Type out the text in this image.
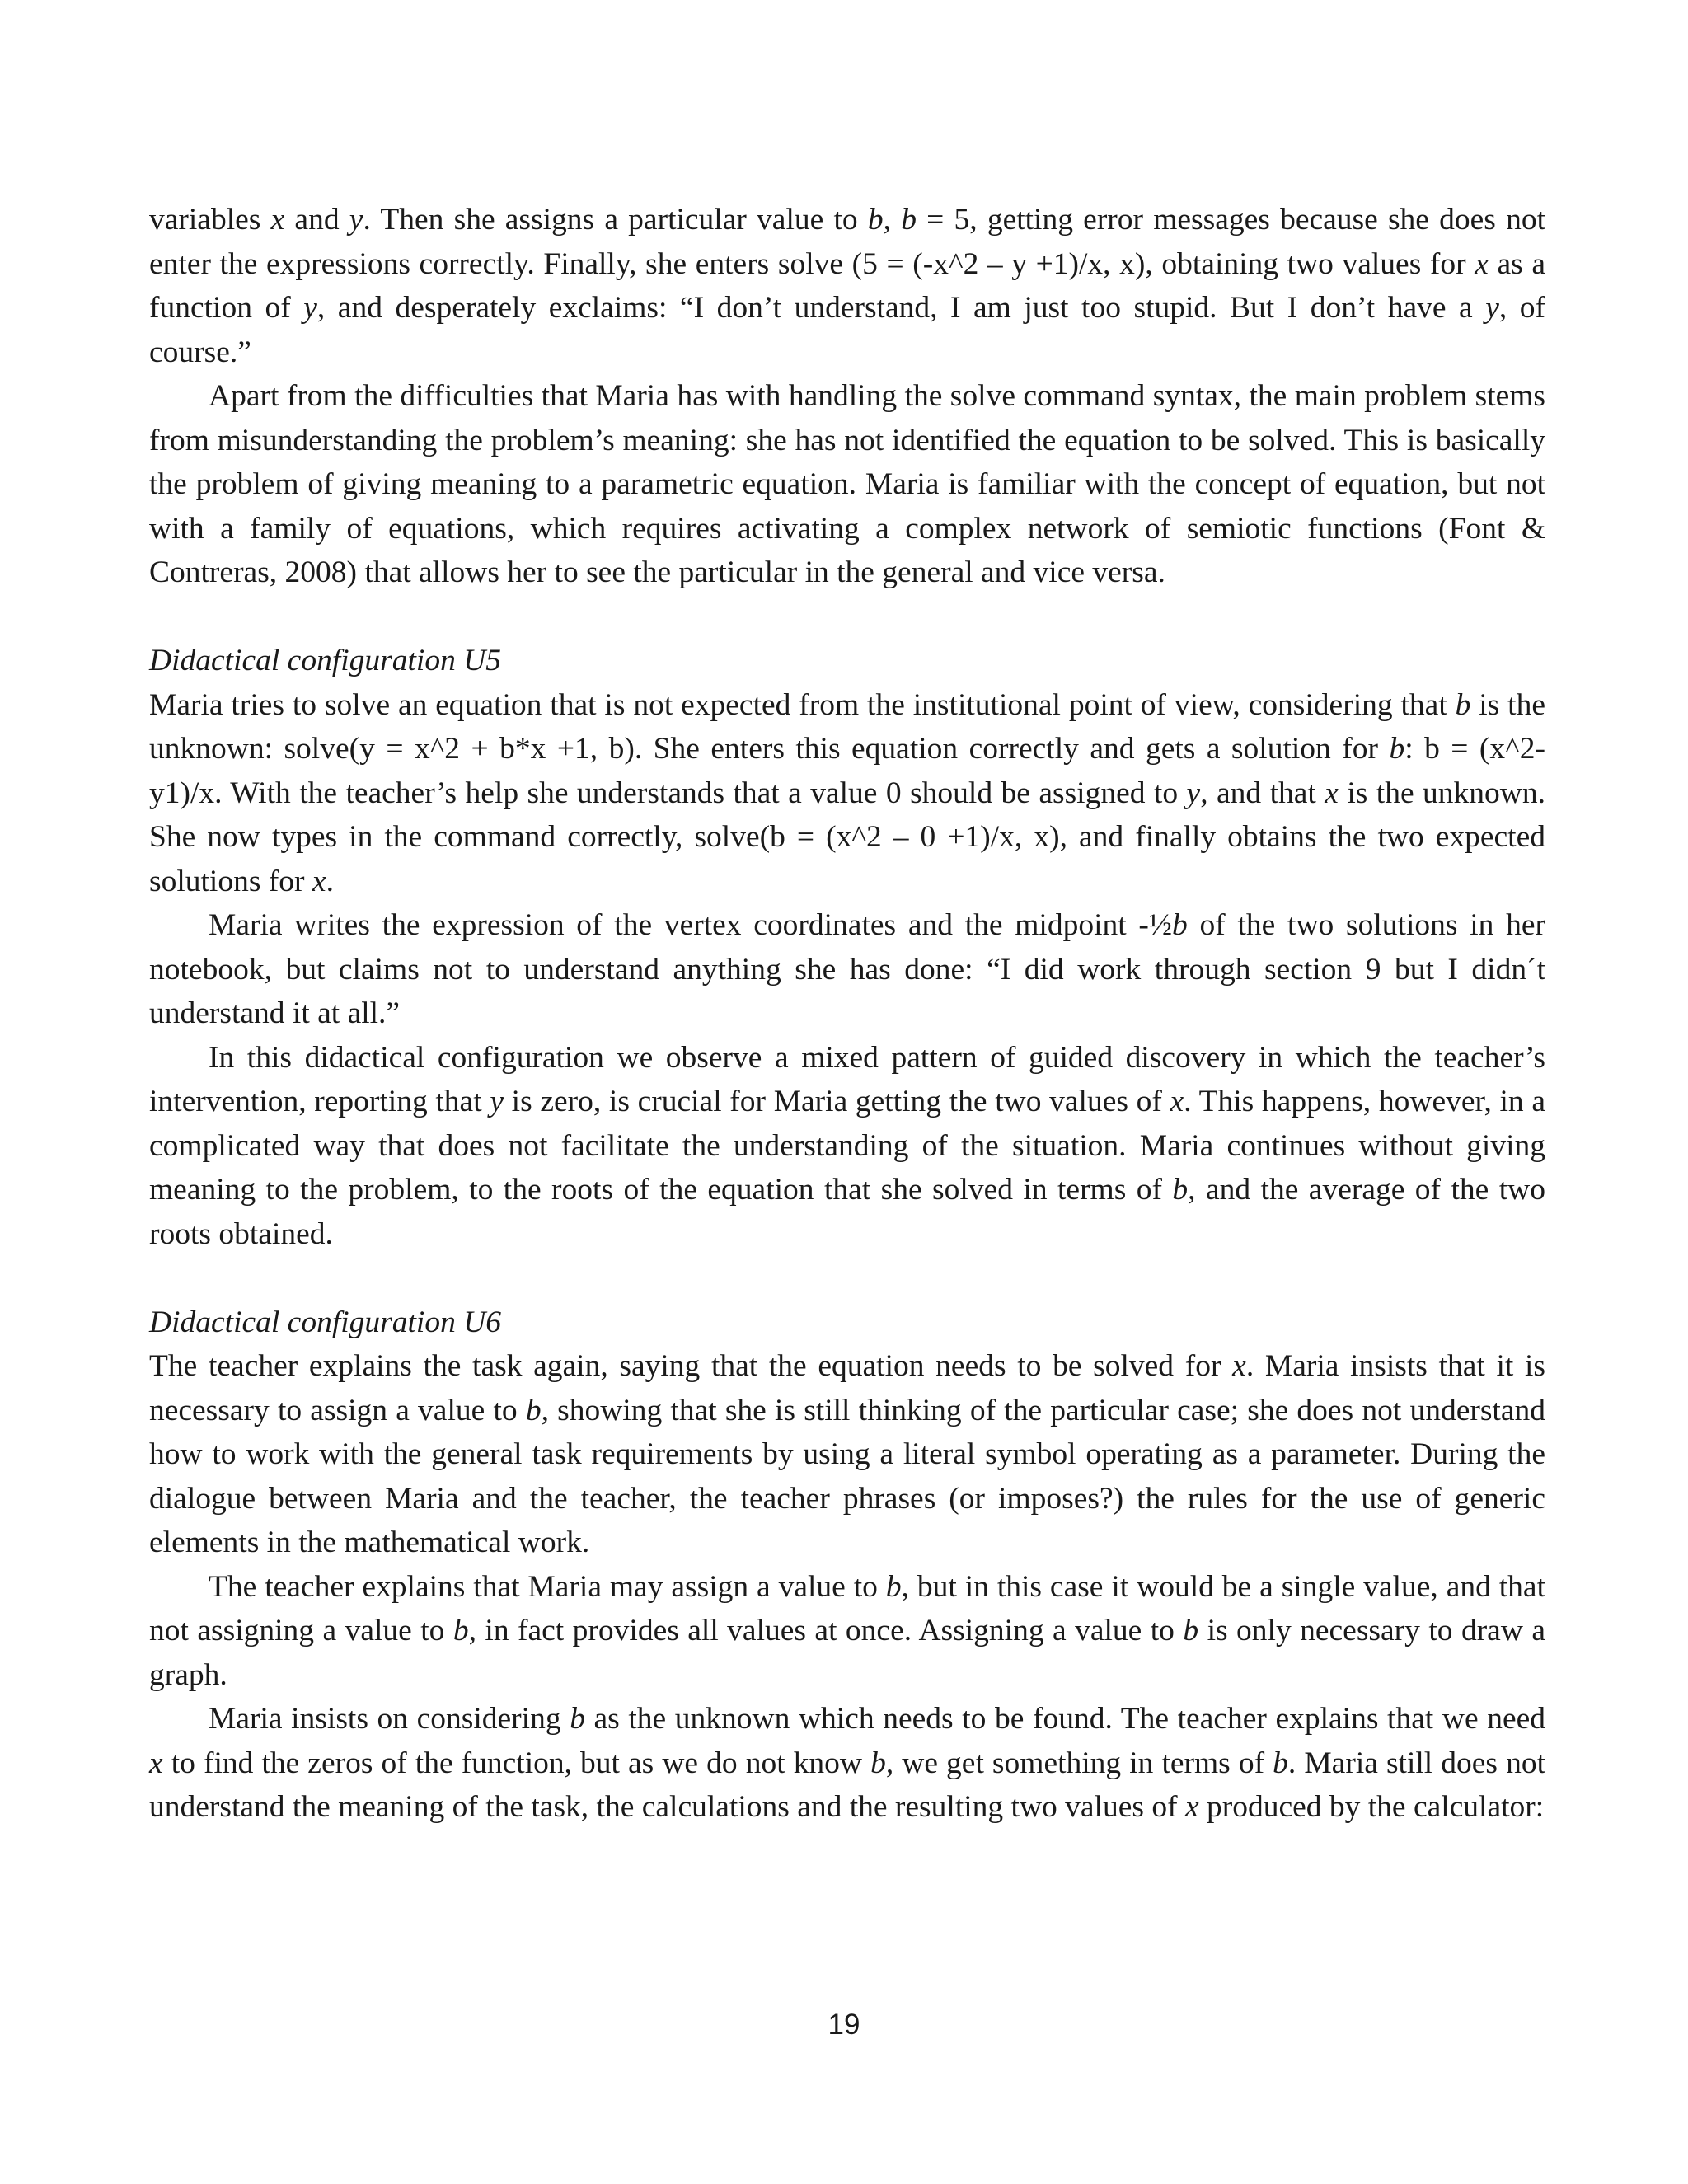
variables x and y. Then she assigns a particular value to b, b = 5, getting error messages because she does not enter the expressions correctly. Finally, she enters solve (5 = (-x^2 – y +1)/x, x), obtaining two values for x as a function of y, and desperately exclaims: “I don’t understand, I am just too stupid. But I don’t have a y, of course.”

Apart from the difficulties that Maria has with handling the solve command syntax, the main problem stems from misunderstanding the problem’s meaning: she has not identified the equation to be solved. This is basically the problem of giving meaning to a parametric equation. Maria is familiar with the concept of equation, but not with a family of equations, which requires activating a complex network of semiotic functions (Font & Contreras, 2008) that allows her to see the particular in the general and vice versa.

Didactical configuration U5

Maria tries to solve an equation that is not expected from the institutional point of view, considering that b is the unknown: solve(y = x^2 + b*x +1, b). She enters this equation correctly and gets a solution for b: b = (x^2-y1)/x. With the teacher’s help she understands that a value 0 should be assigned to y, and that x is the unknown. She now types in the command correctly, solve(b = (x^2 – 0 +1)/x, x), and finally obtains the two expected solutions for x.

Maria writes the expression of the vertex coordinates and the midpoint -½b of the two solutions in her notebook, but claims not to understand anything she has done: “I did work through section 9 but I didn´t understand it at all.”

In this didactical configuration we observe a mixed pattern of guided discovery in which the teacher’s intervention, reporting that y is zero, is crucial for Maria getting the two values of x. This happens, however, in a complicated way that does not facilitate the understanding of the situation. Maria continues without giving meaning to the problem, to the roots of the equation that she solved in terms of b, and the average of the two roots obtained.

Didactical configuration U6

The teacher explains the task again, saying that the equation needs to be solved for x. Maria insists that it is necessary to assign a value to b, showing that she is still thinking of the particular case; she does not understand how to work with the general task requirements by using a literal symbol operating as a parameter. During the dialogue between Maria and the teacher, the teacher phrases (or imposes?) the rules for the use of generic elements in the mathematical work.

The teacher explains that Maria may assign a value to b, but in this case it would be a single value, and that not assigning a value to b, in fact provides all values at once. Assigning a value to b is only necessary to draw a graph.

Maria insists on considering b as the unknown which needs to be found. The teacher explains that we need x to find the zeros of the function, but as we do not know b, we get something in terms of b. Maria still does not understand the meaning of the task, the calculations and the resulting two values of x produced by the calculator:

19
